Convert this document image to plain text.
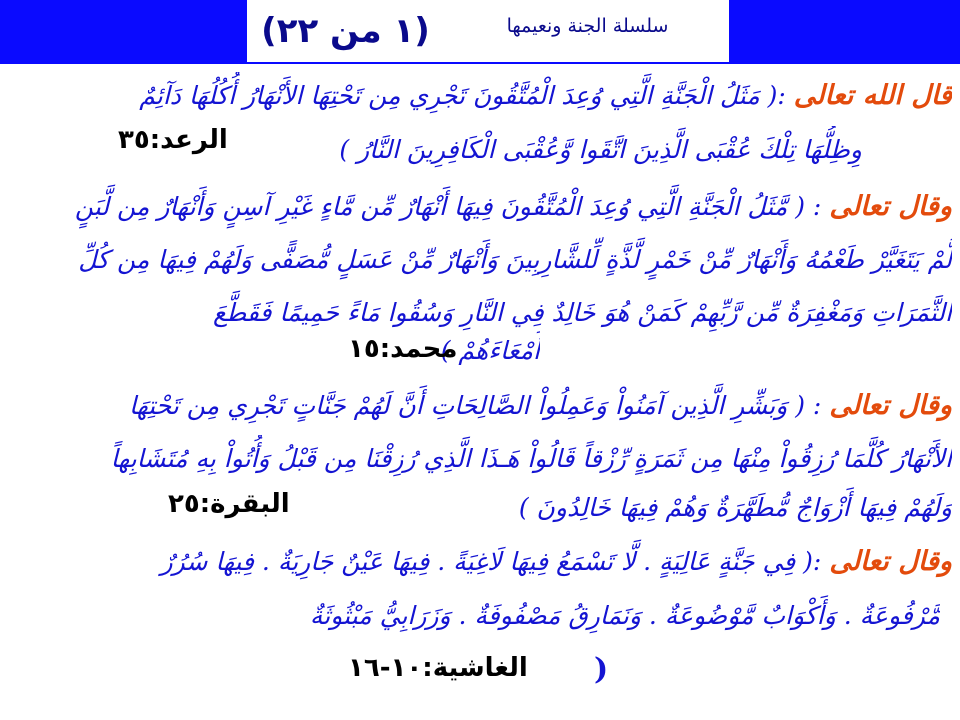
(١ من ٢٢)	سلسلة الجنة ونعيمها
قال الله تعالى :( مَثَلُ الْجَنَّةِ الَّتِي وُعِدَ الْمُتَّقُونَ تَجْرِي مِن تَحْتِهَا الأَنْهَارُ أُكُلُهَا دَآئِمٌ
وِظِلُّهَا تِلْكَ عُقْبَى الَّذِينَ اتَّقَوا وَّعُقْبَى الْكَافِرِينَ النَّارُ )
الرعد:٣٥
وقال تعالى : ( مَّثَلُ الْجَنَّةِ الَّتِي وُعِدَ الْمُتَّقُونَ فِيهَا أَنْهَارٌ مِّن مَّاءٍ غَيْرِ آسِنٍ وَأَنْهَارٌ مِن لَّبَنٍ
لَّمْ يَتَغَيَّرْ طَعْمُهُ وَأَنْهَارٌ مِّنْ خَمْرٍ لَّذَّةٍ لِّلشَّارِبِينَ وَأَنْهَارٌ مِّنْ عَسَلٍ مُّصَفًّى وَلَهُمْ فِيهَا مِن كُلِّ
الثَّمَرَاتِ وَمَغْفِرَةٌ مِّن رَّبِّهِمْ كَمَنْ هُوَ خَالِدٌ فِي النَّارِ وَسُقُوا مَاءً حَمِيمًا فَقَطَّعَ
أَمْعَاءَهُمْ )
محمد:١٥
وقال تعالى : ( وَبَشِّرِ الَّذِين آمَنُواْ وَعَمِلُواْ الصَّالِحَاتِ أَنَّ لَهُمْ جَنَّاتٍ تَجْرِي مِن تَحْتِهَا
الأَنْهَارُ كُلَّمَا رُزِقُواْ مِنْهَا مِن ثَمَرَةٍ رِّزْقاً قَالُواْ هَـذَا الَّذِي رُزِقْنَا مِن قَبْلُ وَأُتُواْ بِهِ مُتَشَابِهاً
وَلَهُمْ فِيهَا أَزْوَاجٌ مُّطَهَّرَةٌ وَهُمْ فِيهَا خَالِدُونَ )
البقرة:٢٥
وقال تعالى :( فِي جَنَّةٍ عَالِيَةٍ . لَّا تَسْمَعُ فِيهَا لَاغِيَةً . فِيهَا عَيْنٌ جَارِيَةٌ . فِيهَا سُرُرٌ
مَّرْفُوعَةٌ . وَأَكْوَابٌ مَّوْضُوعَةٌ . وَنَمَارِقُ مَصْفُوفَةٌ . وَزَرَابِيُّ مَبْثُوثَةٌ
الغاشية:١٠-١٦ )
